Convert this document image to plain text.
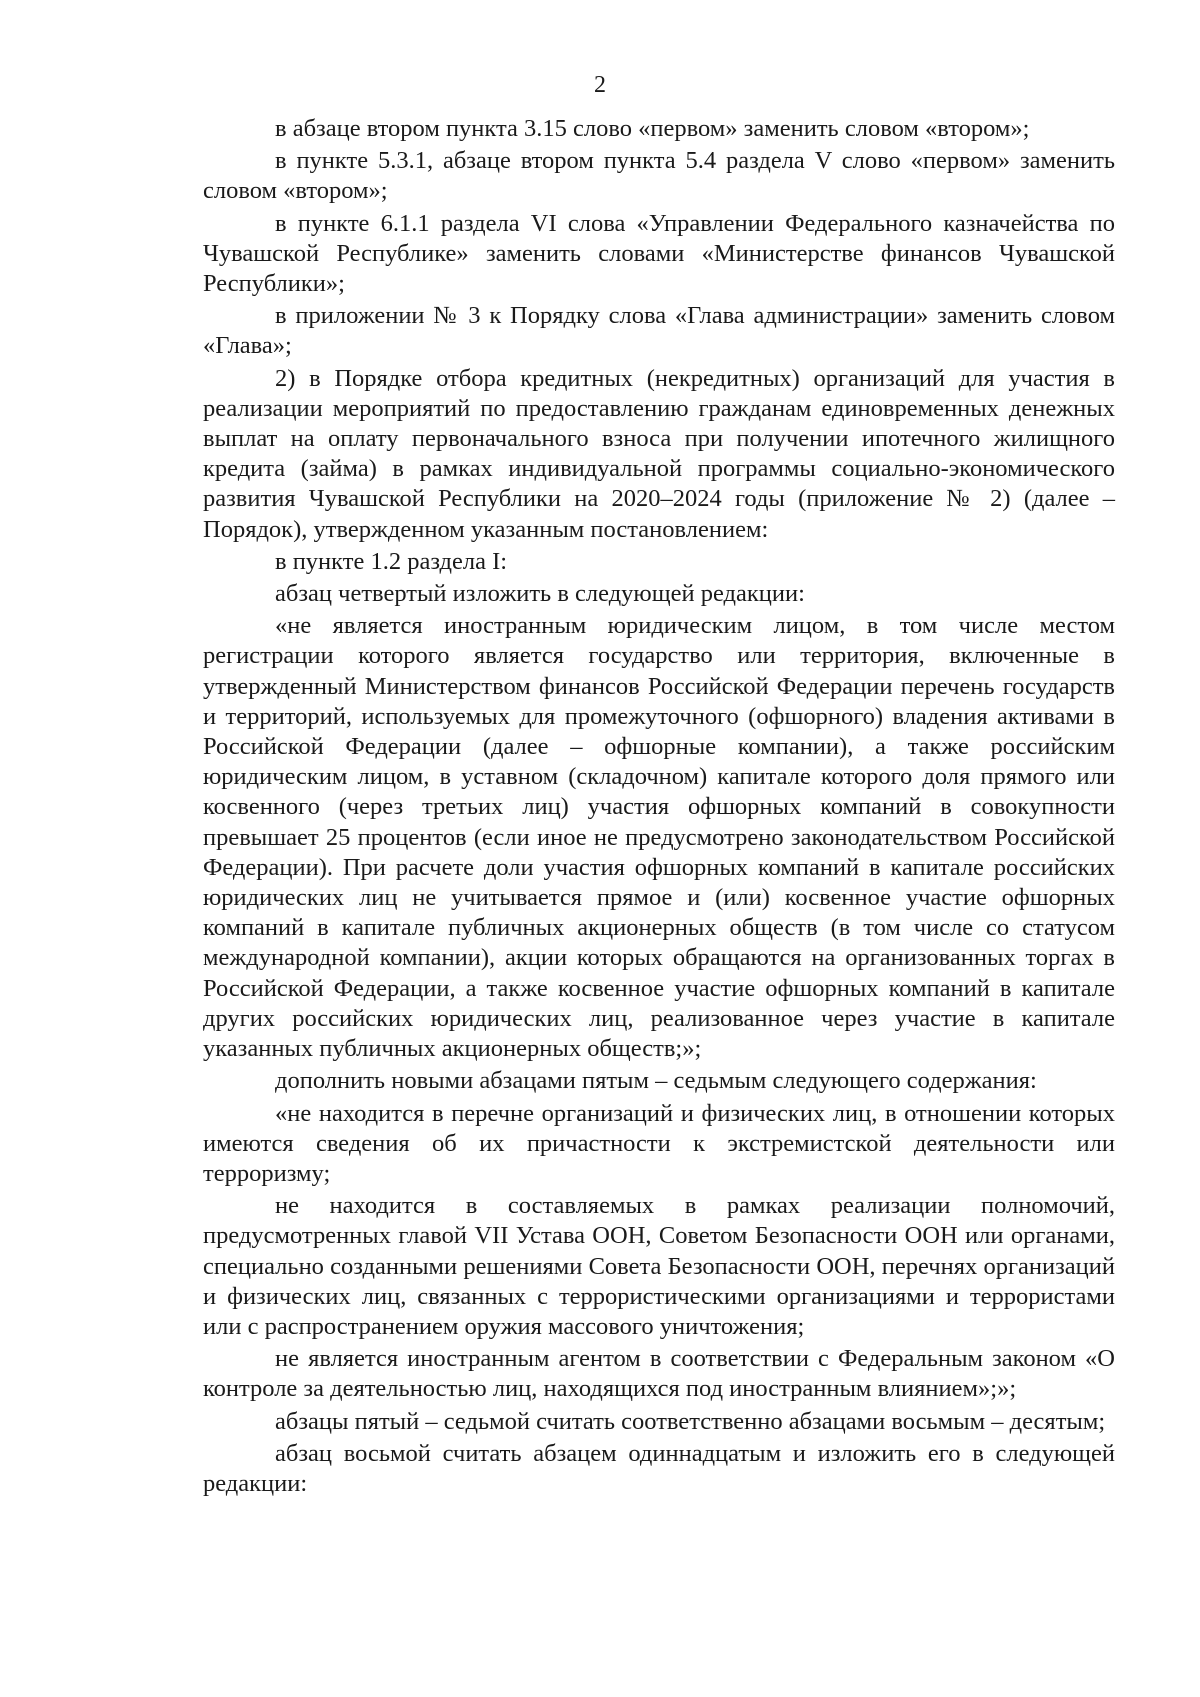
2

в абзаце втором пункта 3.15 слово «первом» заменить словом «втором»;

в пункте 5.3.1, абзаце втором пункта 5.4 раздела V слово «первом» заменить словом «втором»;

в пункте 6.1.1 раздела VI слова «Управлении Федерального казначейства по Чувашской Республике» заменить словами «Министерстве финансов Чувашской Республики»;

в приложении № 3 к Порядку слова «Глава администрации» заменить словом «Глава»;

2) в Порядке отбора кредитных (некредитных) организаций для участия в реализации мероприятий по предоставлению гражданам единовременных денежных выплат на оплату первоначального взноса при получении ипотечного жилищного кредита (займа) в рамках индивидуальной программы социально-экономического развития Чувашской Республики на 2020–2024 годы (приложение № 2) (далее – Порядок), утвержденном указанным постановлением:

в пункте 1.2 раздела I:

абзац четвертый изложить в следующей редакции:

«не является иностранным юридическим лицом, в том числе местом регистрации которого является государство или территория, включенные в утвержденный Министерством финансов Российской Федерации перечень государств и территорий, используемых для промежуточного (офшорного) владения активами в Российской Федерации (далее – офшорные компании), а также российским юридическим лицом, в уставном (складочном) капитале которого доля прямого или косвенного (через третьих лиц) участия офшорных компаний в совокупности превышает 25 процентов (если иное не предусмотрено законодательством Российской Федерации). При расчете доли участия офшорных компаний в капитале российских юридических лиц не учитывается прямое и (или) косвенное участие офшорных компаний в капитале публичных акционерных обществ (в том числе со статусом международной компании), акции которых обращаются на организованных торгах в Российской Федерации, а также косвенное участие офшорных компаний в капитале других российских юридических лиц, реализованное через участие в капитале указанных публичных акционерных обществ;»;

дополнить новыми абзацами пятым – седьмым следующего содержания:

«не находится в перечне организаций и физических лиц, в отношении которых имеются сведения об их причастности к экстремистской деятельности или терроризму;

не находится в составляемых в рамках реализации полномочий, предусмотренных главой VII Устава ООН, Советом Безопасности ООН или органами, специально созданными решениями Совета Безопасности ООН, перечнях организаций и физических лиц, связанных с террористическими организациями и террористами или с распространением оружия массового уничтожения;

не является иностранным агентом в соответствии с Федеральным законом «О контроле за деятельностью лиц, находящихся под иностранным влиянием»;»;

абзацы пятый – седьмой считать соответственно абзацами восьмым – десятым;

абзац восьмой считать абзацем одиннадцатым и изложить его в следующей редакции:
